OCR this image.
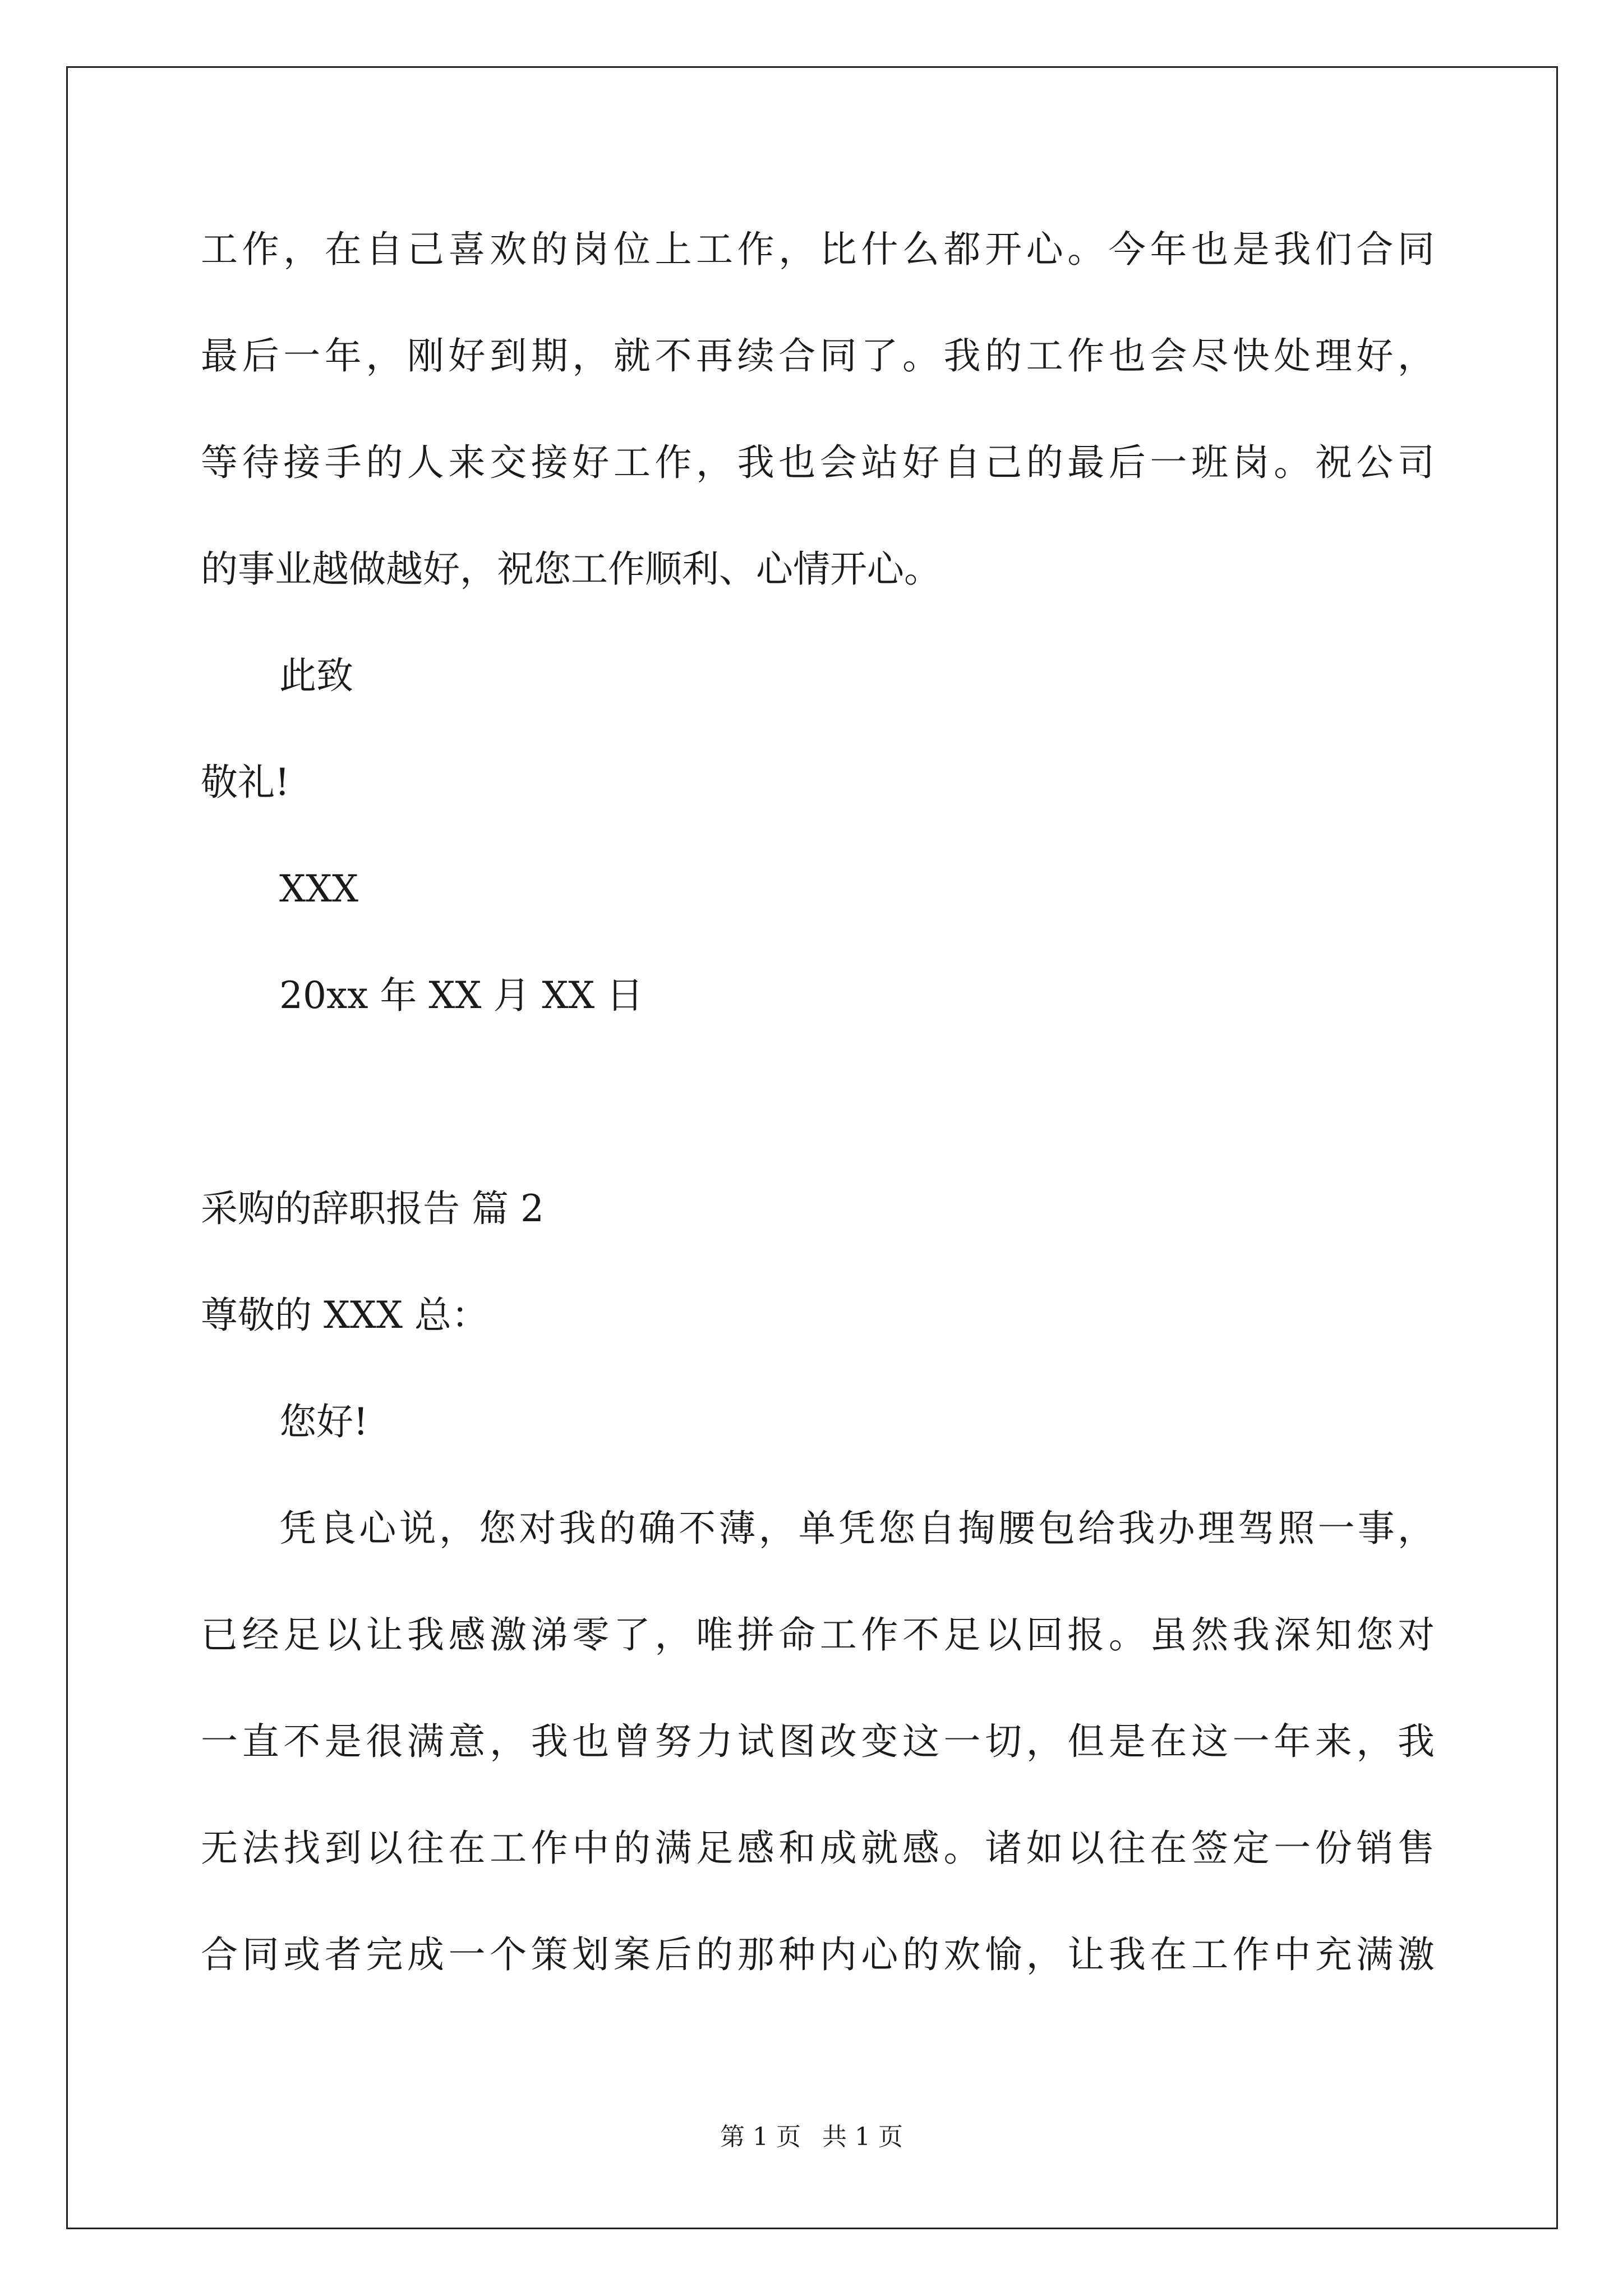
工作，在自己喜欢的岗位上工作，比什么都开心。今年也是我们合同
最后一年，刚好到期，就不再续合同了。我的工作也会尽快处理好，
等待接手的人来交接好工作，我也会站好自己的最后一班岗。祝公司
的事业越做越好，祝您工作顺利、心情开心。
此致
敬礼!
XXX
20xx 年 XX 月 XX 日
采购的辞职报告 篇 2
尊敬的 XXX 总：
您好!
凭良心说，您对我的确不薄，单凭您自掏腰包给我办理驾照一事，
已经足以让我感激涕零了，唯拼命工作不足以回报。虽然我深知您对
一直不是很满意，我也曾努力试图改变这一切，但是在这一年来，我
无法找到以往在工作中的满足感和成就感。诸如以往在签定一份销售
合同或者完成一个策划案后的那种内心的欢愉，让我在工作中充满激
第 1 页 共 1 页
